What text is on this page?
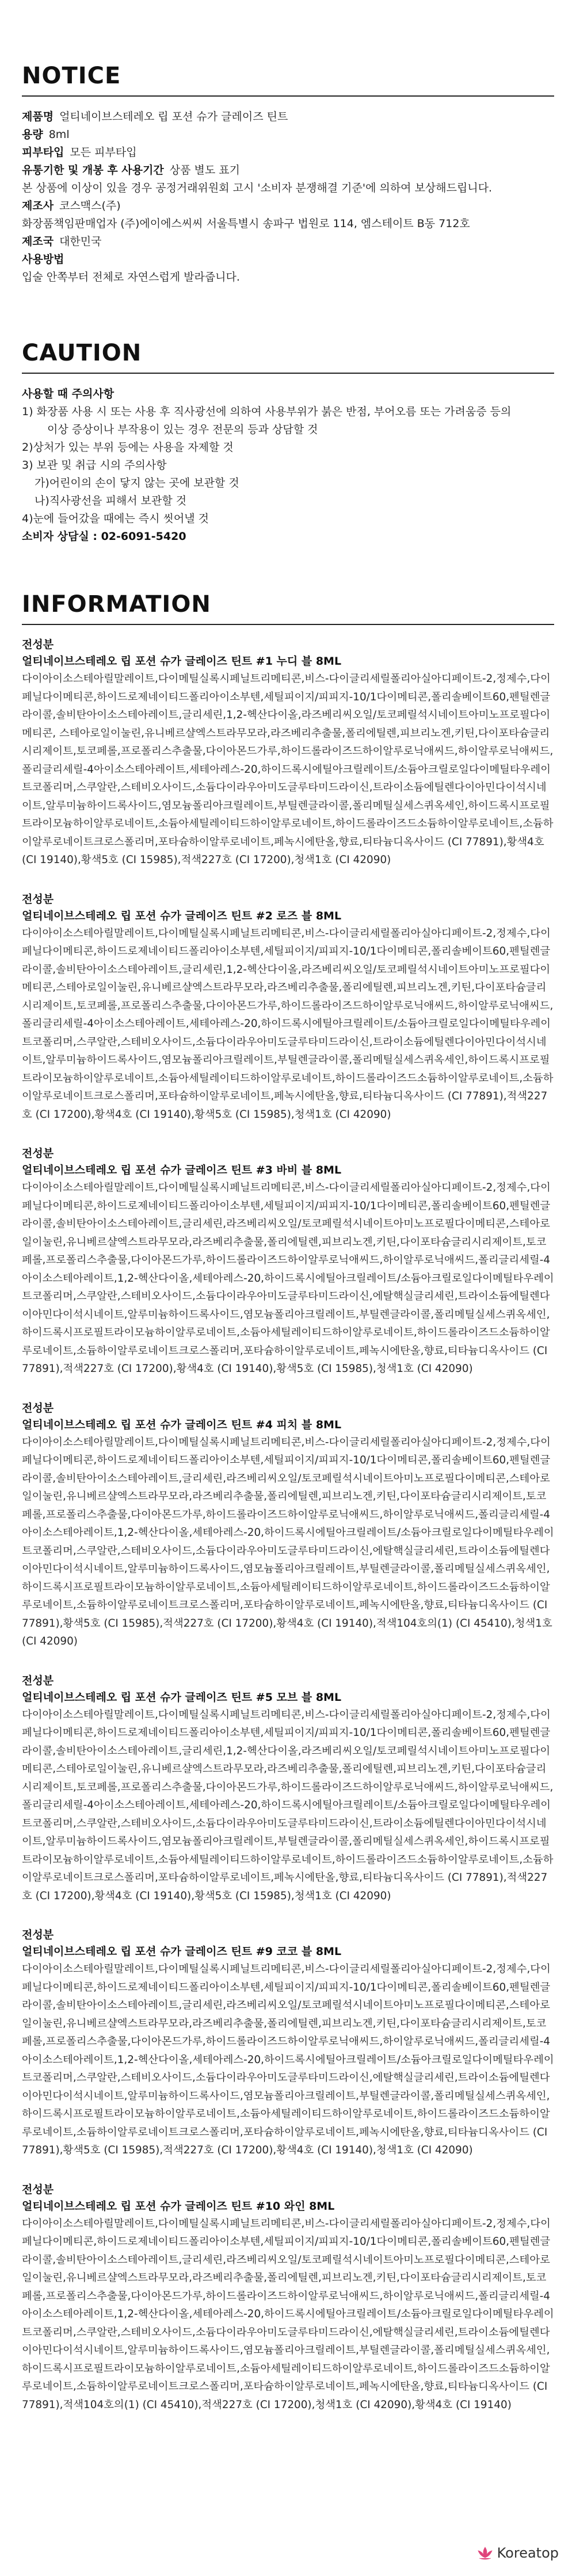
NOTICE
제품명 얼티네이브스테레오 립 포션 슈가 글레이즈 틴트
용량 8ml
피부타입 모든 피부타입
유통기한 및 개봉 후 사용기간 상품 별도 표기
본 상품에 이상이 있을 경우 공정거래위원회 고시 '소비자 분쟁해결 기준'에 의하여 보상해드립니다.
제조사 코스맥스(주)
화장품책임판매업자 (주)에이에스씨씨 서울특별시 송파구 법원로 114, 엠스테이트 B동 712호
제조국 대한민국
사용방법
입술 안쪽부터 전체로 자연스럽게 발라줍니다.
CAUTION
사용할 때 주의사항
1) 화장품 사용 시 또는 사용 후 직사광선에 의하여 사용부위가 붉은 반점, 부어오름 또는 가려움증 등의
이상 증상이나 부작용이 있는 경우 전문의 등과 상담할 것
2)상처가 있는 부위 등에는 사용을 자제할 것
3) 보관 및 취급 시의 주의사항
가)어린이의 손이 닿지 않는 곳에 보관할 것
나)직사광선을 피해서 보관할 것
4)눈에 들어갔을 때에는 즉시 씻어낼 것
소비자 상담실 : 02-6091-5420
INFORMATION
전성분
얼티네이브스테레오 립 포션 슈가 글레이즈 틴트 #1 누디 블 8ML
다이아이소스테아릴말레이트,다이메틸실록시페닐트리메티콘,비스-다이글리세릴폴리아실아디페이트-2,정제수,다이페닐다이메티콘,하이드로제네이티드폴리아이소부텐,세틸피이지/피피지-10/1다이메티콘,폴리솔베이트60,펜틸렌글라이콜,솔비탄아이소스테아레이트,글리세린,1,2-헥산다이올,라즈베리씨오일/토코페릴석시네이트아미노프로필다이메티콘, 스테아로일이눌린,유니베르샬엑스트라무모라,라즈베리추출물,폴리에틸렌,피브리노겐,키틴,다이포타슘글리시리제이트,토코페롤,프로폴리스추출물,다이아몬드가루,하이드롤라이즈드하이알루로닉애씨드,하이알루로닉애씨드,폴리글리세릴-4아이소스테아레이트,세테아레스-20,하이드록시에틸아크릴레이트/소듐아크릴로일다이메틸타우레이트코폴리머,스쿠알란,스테비오사이드,소듐다이라우아미도글루타미드라이신,트라이소듐에틸렌다이아민다이석시네이트,알루미늄하이드록사이드,염모늄폴리아크릴레이트,부틸렌글라이콜,폴리메틸실세스퀴옥세인,하이드록시프로필트라이모늄하이알루로네이트,소듐아세틸레이티드하이알루로네이트,하이드롤라이즈드소듐하이알루로네이트,소듐하이알루로네이트크로스폴리머,포타슘하이알루로네이트,페녹시에탄올,향료,티타늄디옥사이드 (CI 77891),황색4호 (CI 19140),황색5호 (CI 15985),적색227호 (CI 17200),청색1호 (CI 42090)
전성분
얼티네이브스테레오 립 포션 슈가 글레이즈 틴트 #2 로즈 블 8ML
다이아이소스테아릴말레이트,다이메틸실록시페닐트리메티콘,비스-다이글리세릴폴리아실아디페이트-2,정제수,다이페닐다이메티콘,하이드로제네이티드폴리아이소부텐,세틸피이지/피피지-10/1다이메티콘,폴리솔베이트60,펜틸렌글라이콜,솔비탄아이소스테아레이트,글리세린,1,2-헥산다이올,라즈베리씨오일/토코페릴석시네이트아미노프로필다이메티콘,스테아로일이눌린,유니베르샬엑스트라무모라,라즈베리추출물,폴리에틸렌,피브리노겐,키틴,다이포타슘글리시리제이트,토코페롤,프로폴리스추출물,다이아몬드가루,하이드롤라이즈드하이알루로닉애씨드,하이알루로닉애씨드,폴리글리세릴-4아이소스테아레이트,세테아레스-20,하이드록시에틸아크릴레이트/소듐아크릴로일다이메틸타우레이트코폴리머,스쿠알란,스테비오사이드,소듐다이라우아미도글루타미드라이신,트라이소듐에틸렌다이아민다이석시네이트,알루미늄하이드록사이드,염모늄폴리아크릴레이트,부틸렌글라이콜,폴리메틸실세스퀴옥세인,하이드록시프로필트라이모늄하이알루로네이트,소듐아세틸레이티드하이알루로네이트,하이드롤라이즈드소듐하이알루로네이트,소듐하이알루로네이트크로스폴리머,포타슘하이알루로네이트,페녹시에탄올,향료,티타늄디옥사이드 (CI 77891),적색227호 (CI 17200),황색4호 (CI 19140),황색5호 (CI 15985),청색1호 (CI 42090)
전성분
얼티네이브스테레오 립 포션 슈가 글레이즈 틴트 #3 바비 블 8ML
다이아이소스테아릴말레이트,다이메틸실록시페닐트리메티콘,비스-다이글리세릴폴리아실아디페이트-2,정제수,다이페닐다이메티콘,하이드로제네이티드폴리아이소부텐,세틸피이지/피피지-10/1다이메티콘,폴리솔베이트60,펜틸렌글라이콜,솔비탄아이소스테아레이트,글리세린,라즈베리씨오일/토코페릴석시네이트아미노프로필다이메티콘,스테아로일이눌린,유니베르샬엑스트라무모라,라즈베리추출물,폴리에틸렌,피브리노겐,키틴,다이포타슘글리시리제이트,토코페롤,프로폴리스추출물,다이아몬드가루,하이드롤라이즈드하이알루로닉애씨드,하이알루로닉애씨드,폴리글리세릴-4아이소스테아레이트,1,2-헥산다이올,세테아레스-20,하이드록시에틸아크릴레이트/소듐아크릴로일다이메틸타우레이트코폴리머,스쿠알란,스테비오사이드,소듐다이라우아미도글루타미드라이신,에탈핵실글리세린,트라이소듐에틸렌다이아민다이석시네이트,알루미늄하이드록사이드,염모늄폴리아크릴레이트,부틸렌글라이콜,폴리메틸실세스퀴옥세인,하이드록시프로필트라이모늄하이알루로네이트,소듐아세틸레이티드하이알루로네이트,하이드롤라이즈드소듐하이알루로네이트,소듐하이알루로네이트크로스폴리머,포타슘하이알루로네이트,페녹시에탄올,향료,티타늄디옥사이드 (CI 77891),적색227호 (CI 17200),황색4호 (CI 19140),황색5호 (CI 15985),청색1호 (CI 42090)
전성분
얼티네이브스테레오 립 포션 슈가 글레이즈 틴트 #4 피치 블 8ML
다이아이소스테아릴말레이트,다이메틸실록시페닐트리메티콘,비스-다이글리세릴폴리아실아디페이트-2,정제수,다이페닐다이메티콘,하이드로제네이티드폴리아이소부텐,세틸피이지/피피지-10/1다이메티콘,폴리솔베이트60,펜틸렌글라이콜,솔비탄아이소스테아레이트,글리세린,라즈베리씨오일/토코페릴석시네이트아미노프로필다이메티콘,스테아로일이눌린,유니베르샬엑스트라무모라,라즈베리추출물,폴리에틸렌,피브리노겐,키틴,다이포타슘글리시리제이트,토코페롤,프로폴리스추출물,다이아몬드가루,하이드롤라이즈드하이알루로닉애씨드,하이알루로닉애씨드,폴리글리세릴-4아이소스테아레이트,1,2-헥산다이올,세테아레스-20,하이드록시에틸아크릴레이트/소듐아크릴로일다이메틸타우레이트코폴리머,스쿠알란,스테비오사이드,소듐다이라우아미도글루타미드라이신,에탈핵실글리세린,트라이소듐에틸렌다이아민다이석시네이트,알루미늄하이드록사이드,염모늄폴리아크릴레이트,부틸렌글라이콜,폴리메틸실세스퀴옥세인,하이드록시프로필트라이모늄하이알루로네이트,소듐아세틸레이티드하이알루로네이트,하이드롤라이즈드소듐하이알루로네이트,소듐하이알루로네이트크로스폴리머,포타슘하이알루로네이트,페녹시에탄올,향료,티타늄디옥사이드 (CI 77891),황색5호 (CI 15985),적색227호 (CI 17200),황색4호 (CI 19140),적색104호의(1) (CI 45410),청색1호 (CI 42090)
전성분
얼티네이브스테레오 립 포션 슈가 글레이즈 틴트 #5 모브 블 8ML
다이아이소스테아릴말레이트,다이메틸실록시페닐트리메티콘,비스-다이글리세릴폴리아실아디페이트-2,정제수,다이페닐다이메티콘,하이드로제네이티드폴리아이소부텐,세틸피이지/피피지-10/1다이메티콘,폴리솔베이트60,펜틸렌글라이콜,솔비탄아이소스테아레이트,글리세린,1,2-헥산다이올,라즈베리씨오일/토코페릴석시네이트아미노프로필다이메티콘,스테아로일이눌린,유니베르샬엑스트라무모라,라즈베리추출물,폴리에틸렌,피브리노겐,키틴,다이포타슘글리시리제이트,토코페롤,프로폴리스추출물,다이아몬드가루,하이드롤라이즈드하이알루로닉애씨드,하이알루로닉애씨드,폴리글리세릴-4아이소스테아레이트,세테아레스-20,하이드록시에틸아크릴레이트/소듐아크릴로일다이메틸타우레이트코폴리머,스쿠알란,스테비오사이드,소듐다이라우아미도글루타미드라이신,트라이소듐에틸렌다이아민다이석시네이트,알루미늄하이드록사이드,염모늄폴리아크릴레이트,부틸렌글라이콜,폴리메틸실세스퀴옥세인,하이드록시프로필트라이모늄하이알루로네이트,소듐아세틸레이티드하이알루로네이트,하이드롤라이즈드소듐하이알루로네이트,소듐하이알루로네이트크로스폴리머,포타슘하이알루로네이트,페녹시에탄올,향료,티타늄디옥사이드 (CI 77891),적색227호 (CI 17200),황색4호 (CI 19140),황색5호 (CI 15985),청색1호 (CI 42090)
전성분
얼티네이브스테레오 립 포션 슈가 글레이즈 틴트 #9 코코 블 8ML
다이아이소스테아릴말레이트,다이메틸실록시페닐트리메티콘,비스-다이글리세릴폴리아실아디페이트-2,정제수,다이페닐다이메티콘,하이드로제네이티드폴리아이소부텐,세틸피이지/피피지-10/1다이메티콘,폴리솔베이트60,펜틸렌글라이콜,솔비탄아이소스테아레이트,글리세린,라즈베리씨오일/토코페릴석시네이트아미노프로필다이메티콘,스테아로일이눌린,유니베르샬엑스트라무모라,라즈베리추출물,폴리에틸렌,피브리노겐,키틴,다이포타슘글리시리제이트,토코페롤,프로폴리스추출물,다이아몬드가루,하이드롤라이즈드하이알루로닉애씨드,하이알루로닉애씨드,폴리글리세릴-4아이소스테아레이트,1,2-헥산다이올,세테아레스-20,하이드록시에틸아크릴레이트/소듐아크릴로일다이메틸타우레이트코폴리머,스쿠알란,스테비오사이드,소듐다이라우아미도글루타미드라이신,에탈핵실글리세린,트라이소듐에틸렌다이아민다이석시네이트,알루미늄하이드록사이드,염모늄폴리아크릴레이트,부틸렌글라이콜,폴리메틸실세스퀴옥세인,하이드록시프로필트라이모늄하이알루로네이트,소듐아세틸레이티드하이알루로네이트,하이드롤라이즈드소듐하이알루로네이트,소듐하이알루로네이트크로스폴리머,포타슘하이알루로네이트,페녹시에탄올,향료,티타늄디옥사이드 (CI 77891),황색5호 (CI 15985),적색227호 (CI 17200),황색4호 (CI 19140),청색1호 (CI 42090)
전성분
얼티네이브스테레오 립 포션 슈가 글레이즈 틴트 #10 와인 8ML
다이아이소스테아릴말레이트,다이메틸실록시페닐트리메티콘,비스-다이글리세릴폴리아실아디페이트-2,정제수,다이페닐다이메티콘,하이드로제네이티드폴리아이소부텐,세틸피이지/피피지-10/1다이메티콘,폴리솔베이트60,펜틸렌글라이콜,솔비탄아이소스테아레이트,글리세린,라즈베리씨오일/토코페릴석시네이트아미노프로필다이메티콘,스테아로일이눌린,유니베르샬엑스트라무모라,라즈베리추출물,폴리에틸렌,피브리노겐,키틴,다이포타슘글리시리제이트,토코페롤,프로폴리스추출물,다이아몬드가루,하이드롤라이즈드하이알루로닉애씨드,하이알루로닉애씨드,폴리글리세릴-4아이소스테아레이트,1,2-헥산다이올,세테아레스-20,하이드록시에틸아크릴레이트/소듐아크릴로일다이메틸타우레이트코폴리머,스쿠알란,스테비오사이드,소듐다이라우아미도글루타미드라이신,에탈핵실글리세린,트라이소듐에틸렌다이아민다이석시네이트,알루미늄하이드록사이드,염모늄폴리아크릴레이트,부틸렌글라이콜,폴리메틸실세스퀴옥세인,하이드록시프로필트라이모늄하이알루로네이트,소듐아세틸레이티드하이알루로네이트,하이드롤라이즈드소듐하이알루로네이트,소듐하이알루로네이트크로스폴리머,포타슘하이알루로네이트,페녹시에탄올,향료,티타늄디옥사이드 (CI 77891),적색104호의(1) (CI 45410),적색227호 (CI 17200),청색1호 (CI 42090),황색4호 (CI 19140)
Koreatop
